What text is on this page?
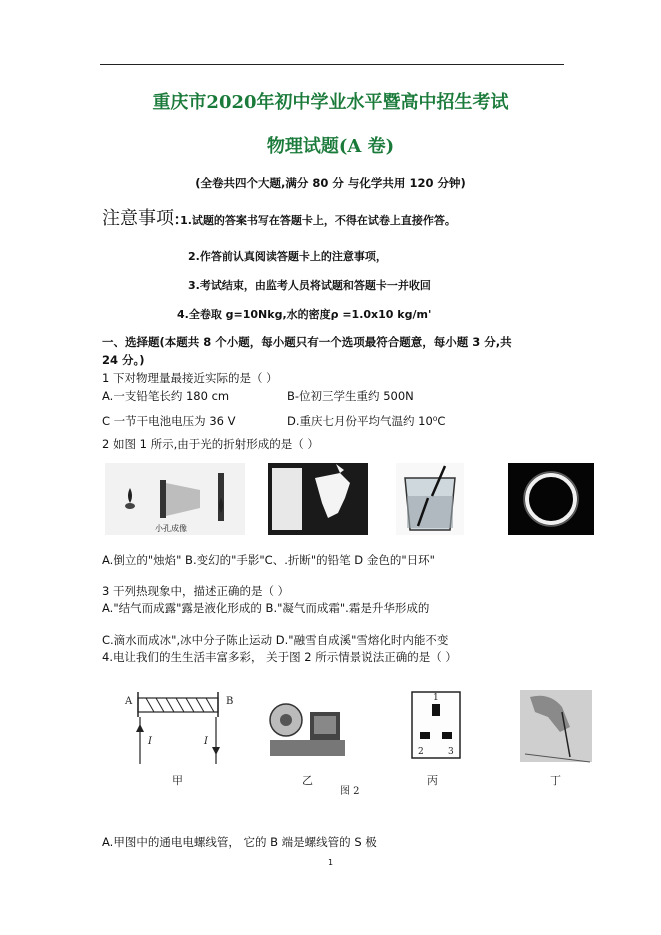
重庆市2020年初中学业水平暨高中招生考试
物理试题(A 卷)
(全卷共四个大题,满分 80 分 与化学共用 120 分钟)
注意事项:1.试题的答案书写在答题卡上，不得在试卷上直接作答。
2.作答前认真阅读答题卡上的注意事项，
3.考试结束，由监考人员将试题和答题卡一并收回
4.全卷取 g=10Nkg,水的密度ρ =1.0x10 kg/m'
一、选择题(本题共 8 个小题，每小题只有一个选项最符合题意，每小题 3 分,共
24 分。)
1 下对物理量最接近实际的是（ ）
A.一支铅笔长约 180 cm	B-位初三学生重约 500N
C 一节干电池电压为 36 V	D.重庆七月份平均气温约 10⁰C
2 如图 1 所示,由于光的折射形成的是（ ）
小孔成像
A.倒立的"烛焰" B.变幻的"手影"C、.折断"的铅笔 D 金色的"日环"
3 干列热现象中，描述正确的是（ ）
A."结气而成露"露是液化形成的 B."凝气而成霜".霜是升华形成的
C.滴水而成冰",冰中分子陈止运动 D."融雪自成溪"雪熔化时内能不变
4.电让我们的生生活丰富多彩， 关于图 2 所示情景说法正确的是（ ）
A	B
I	I
甲	乙
1
2	3
丙	丁
图 2
A.甲图中的通电电螺线管， 它的 B 端是螺线管的 S 极
1
